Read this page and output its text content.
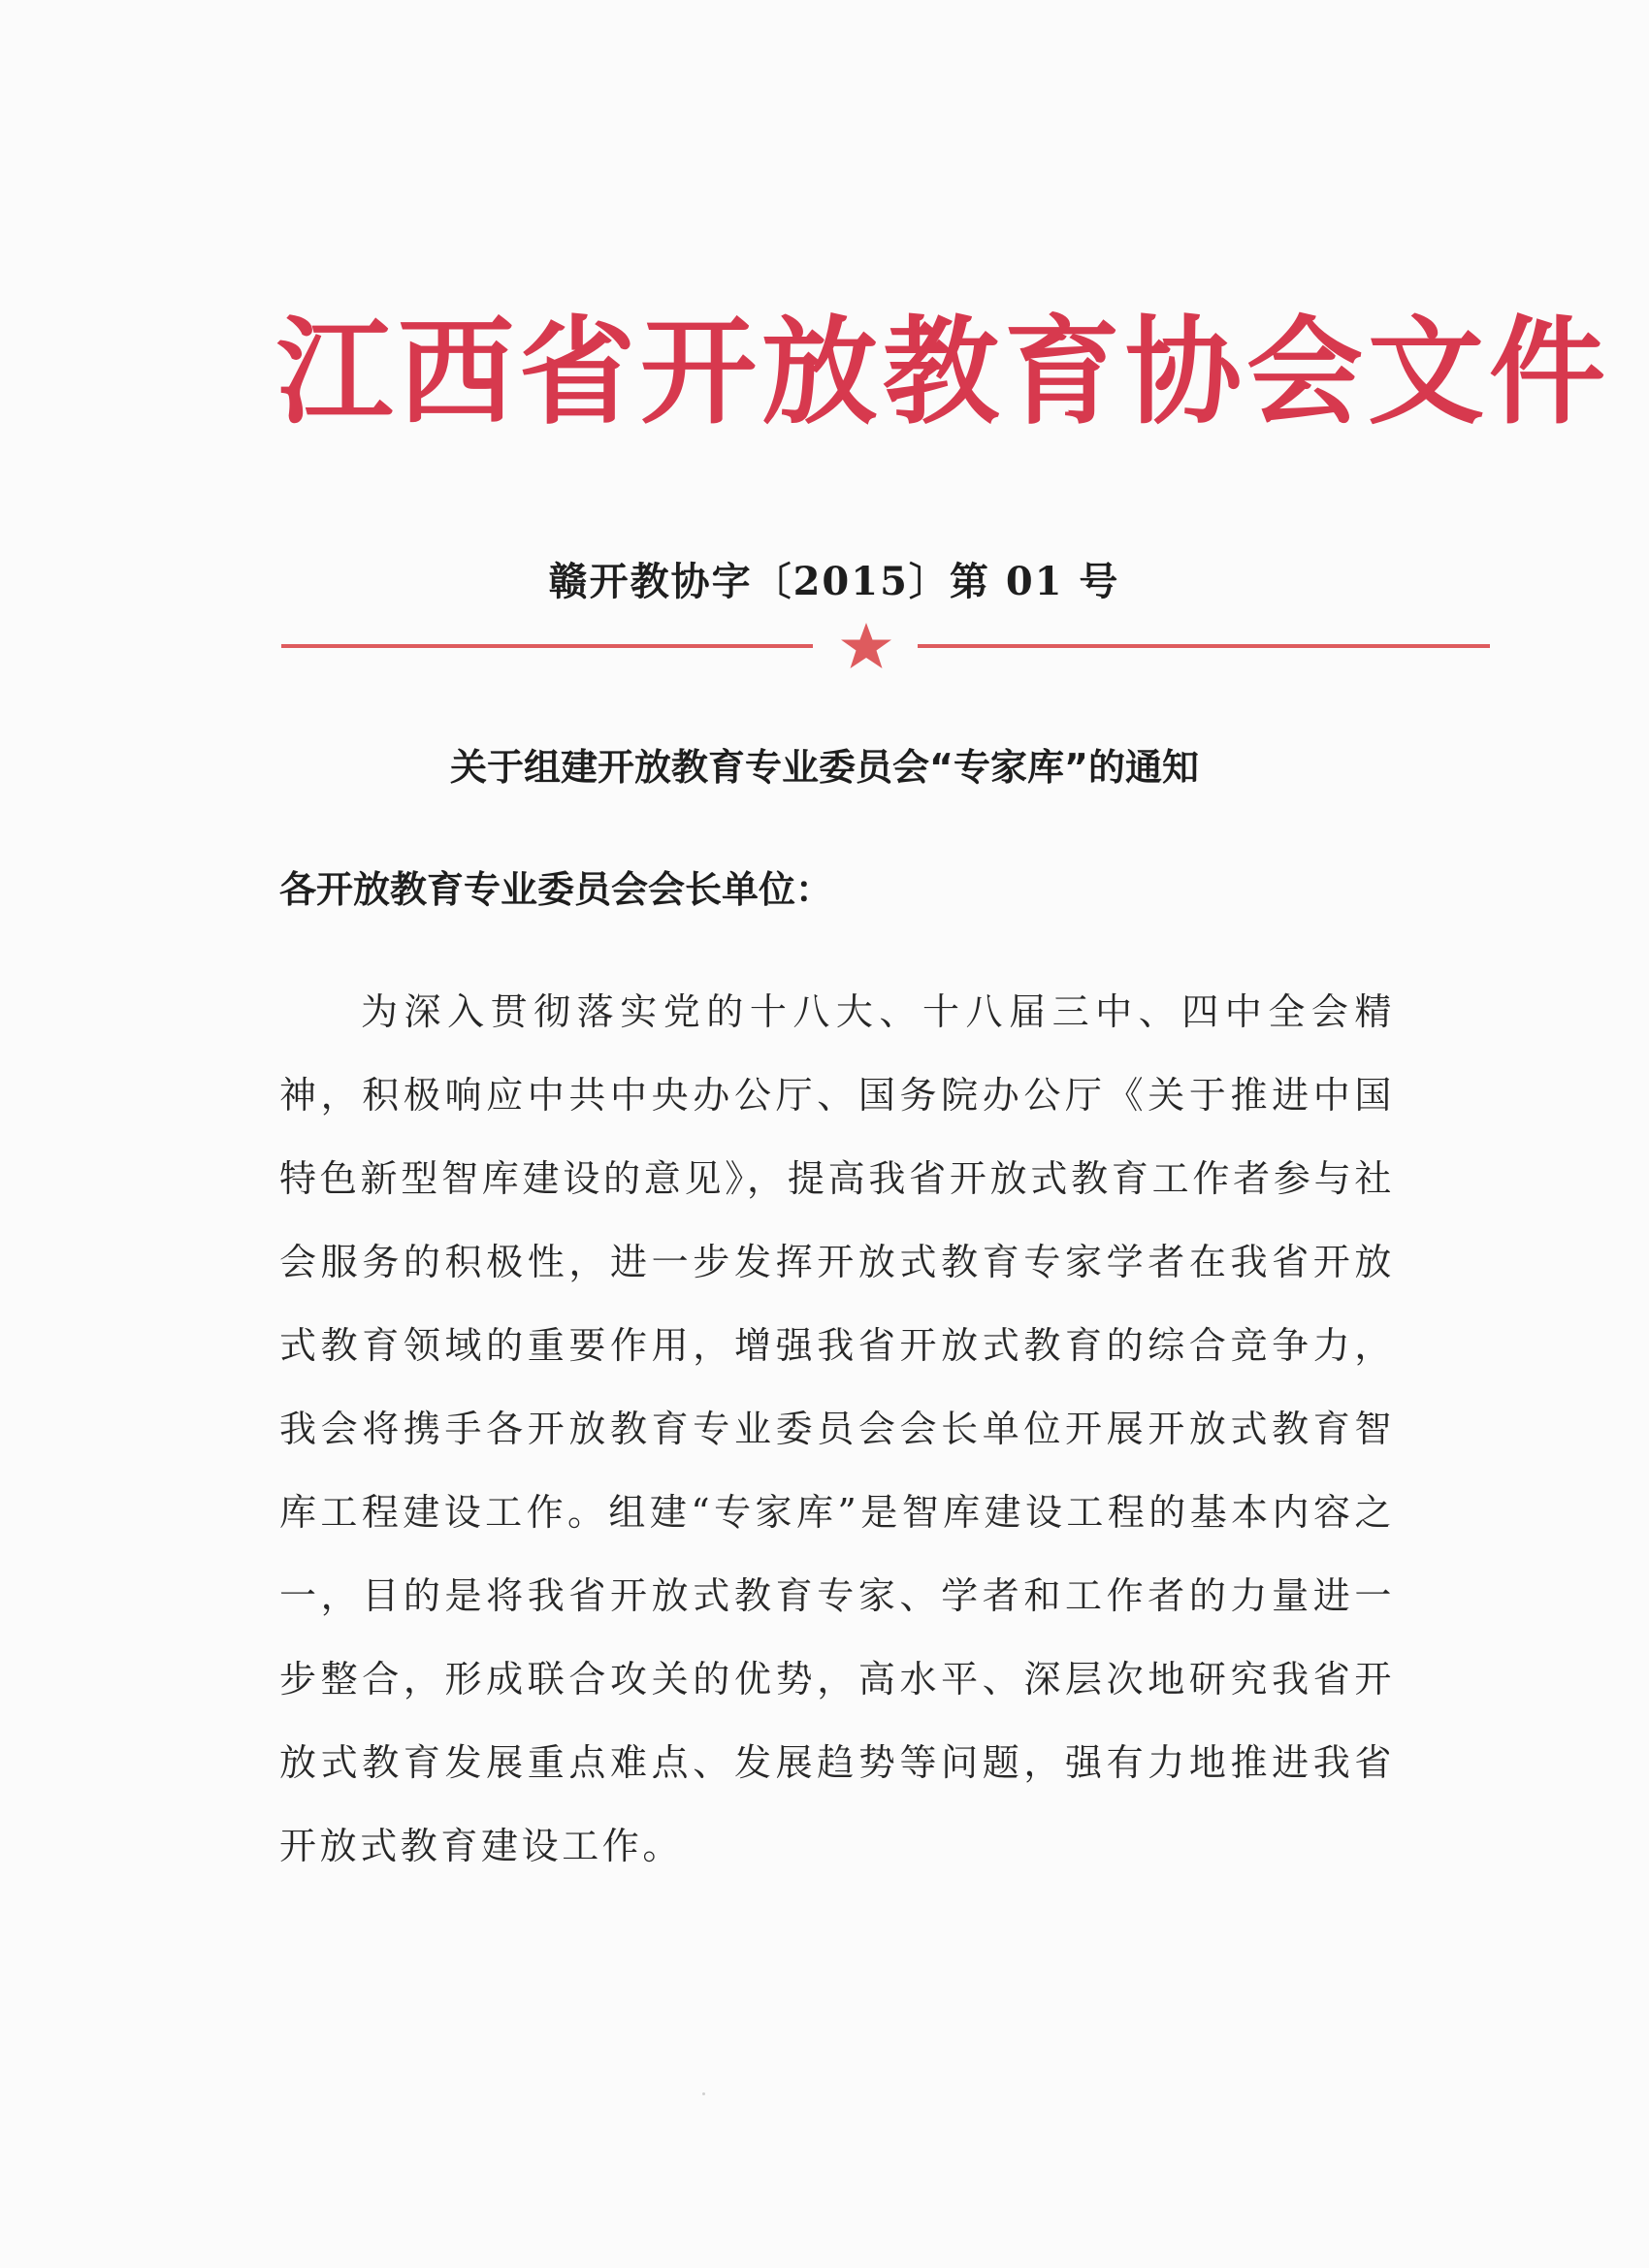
江西省开放教育协会文件
赣开教协字〔2015〕第 01 号
关于组建开放教育专业委员会“专家库”的通知
各开放教育专业委员会会长单位：

为深入贯彻落实党的十八大、十八届三中、四中全会精神，积极响应中共中央办公厅、国务院办公厅《关于推进中国特色新型智库建设的意见》，提高我省开放式教育工作者参与社会服务的积极性，进一步发挥开放式教育专家学者在我省开放式教育领域的重要作用，增强我省开放式教育的综合竞争力，我会将携手各开放教育专业委员会会长单位开展开放式教育智库工程建设工作。组建“专家库”是智库建设工程的基本内容之一，目的是将我省开放式教育专家、学者和工作者的力量进一步整合，形成联合攻关的优势，高水平、深层次地研究我省开放式教育发展重点难点、发展趋势等问题，强有力地推进我省开放式教育建设工作。
